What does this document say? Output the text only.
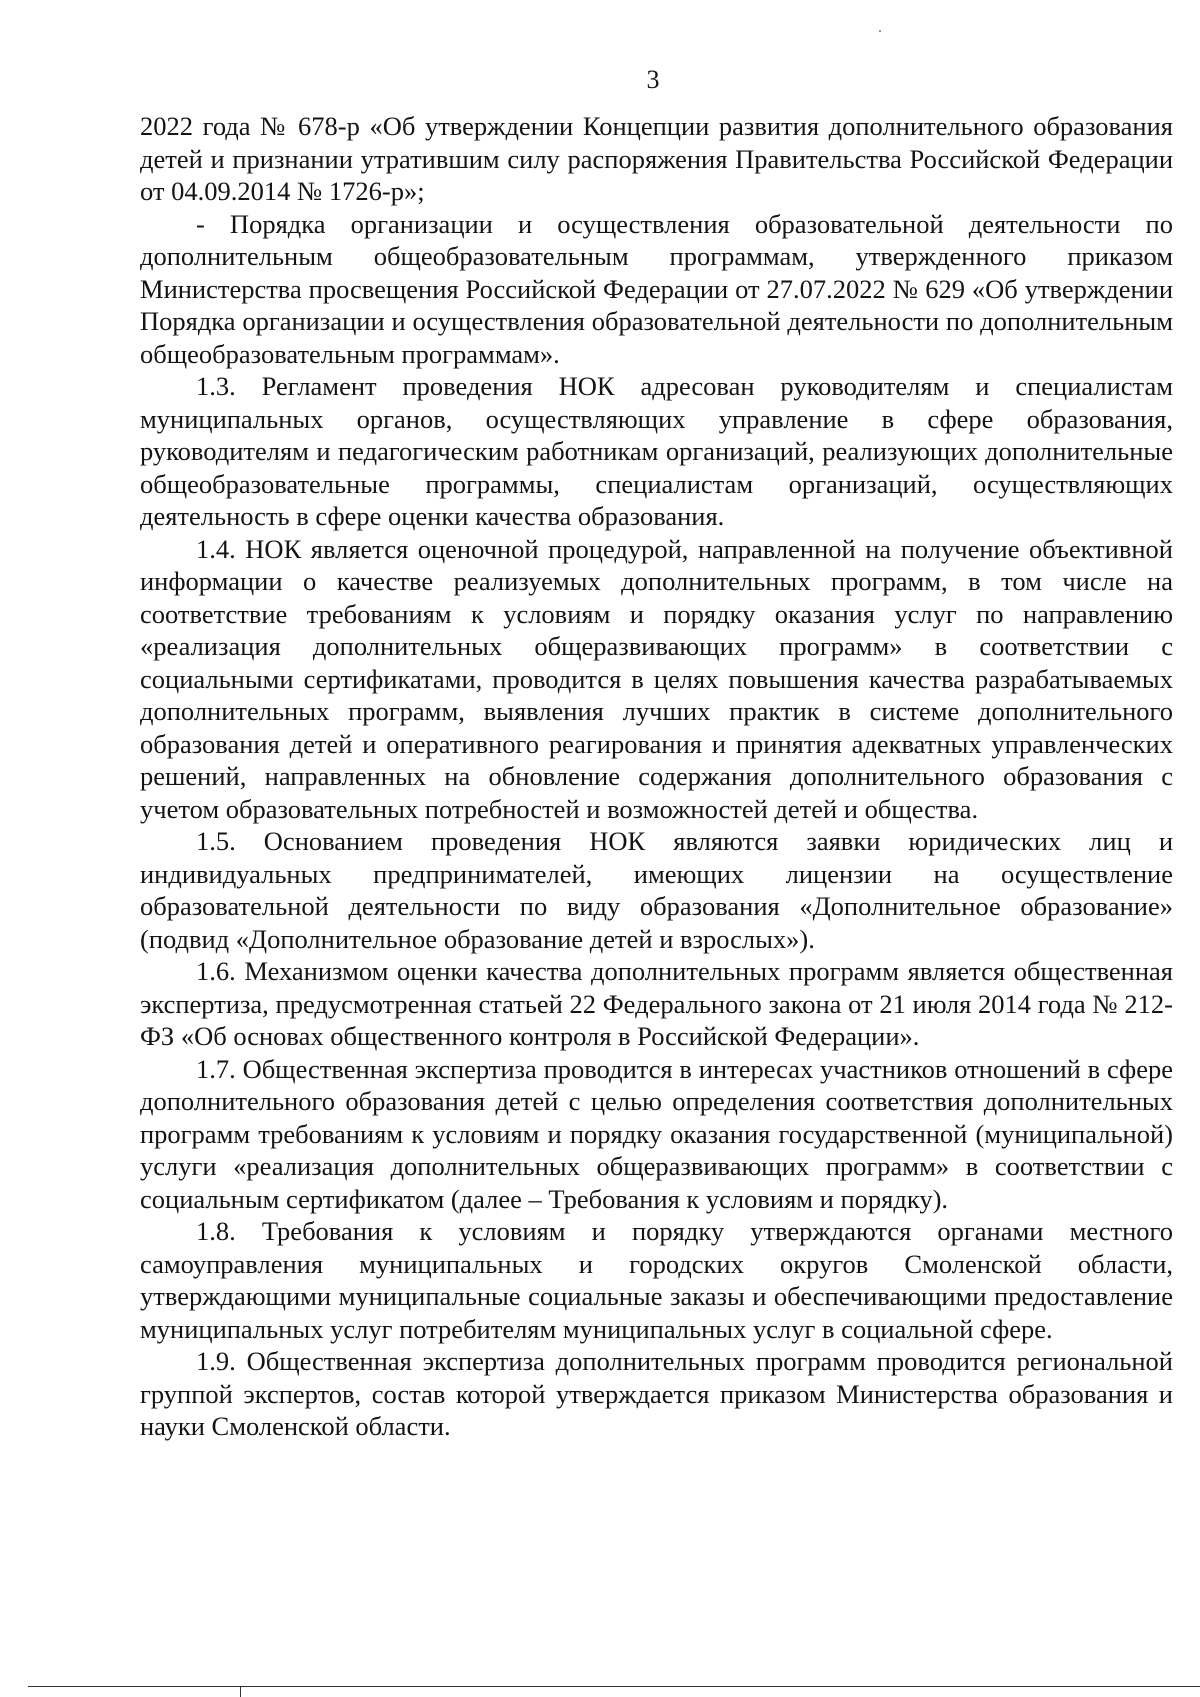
3

2022 года № 678-р «Об утверждении Концепции развития дополнительного образования детей и признании утратившим силу распоряжения Правительства Российской Федерации от 04.09.2014 № 1726-р»;

- Порядка организации и осуществления образовательной деятельности по дополнительным общеобразовательным программам, утвержденного приказом Министерства просвещения Российской Федерации от 27.07.2022 № 629 «Об утверждении Порядка организации и осуществления образовательной деятельности по дополнительным общеобразовательным программам».

1.3. Регламент проведения НОК адресован руководителям и специалистам муниципальных органов, осуществляющих управление в сфере образования, руководителям и педагогическим работникам организаций, реализующих дополнительные общеобразовательные программы, специалистам организаций, осуществляющих деятельность в сфере оценки качества образования.

1.4. НОК является оценочной процедурой, направленной на получение объективной информации о качестве реализуемых дополнительных программ, в том числе на соответствие требованиям к условиям и порядку оказания услуг по направлению «реализация дополнительных общеразвивающих программ» в соответствии с социальными сертификатами, проводится в целях повышения качества разрабатываемых дополнительных программ, выявления лучших практик в системе дополнительного образования детей и оперативного реагирования и принятия адекватных управленческих решений, направленных на обновление содержания дополнительного образования с учетом образовательных потребностей и возможностей детей и общества.

1.5. Основанием проведения НОК являются заявки юридических лиц и индивидуальных предпринимателей, имеющих лицензии на осуществление образовательной деятельности по виду образования «Дополнительное образование» (подвид «Дополнительное образование детей и взрослых»).

1.6. Механизмом оценки качества дополнительных программ является общественная экспертиза, предусмотренная статьей 22 Федерального закона от 21 июля 2014 года № 212-ФЗ «Об основах общественного контроля в Российской Федерации».

1.7. Общественная экспертиза проводится в интересах участников отношений в сфере дополнительного образования детей с целью определения соответствия дополнительных программ требованиям к условиям и порядку оказания государственной (муниципальной) услуги «реализация дополнительных общеразвивающих программ» в соответствии с социальным сертификатом (далее – Требования к условиям и порядку).

1.8. Требования к условиям и порядку утверждаются органами местного самоуправления муниципальных и городских округов Смоленской области, утверждающими муниципальные социальные заказы и обеспечивающими предоставление муниципальных услуг потребителям муниципальных услуг в социальной сфере.

1.9. Общественная экспертиза дополнительных программ проводится региональной группой экспертов, состав которой утверждается приказом Министерства образования и науки Смоленской области.
